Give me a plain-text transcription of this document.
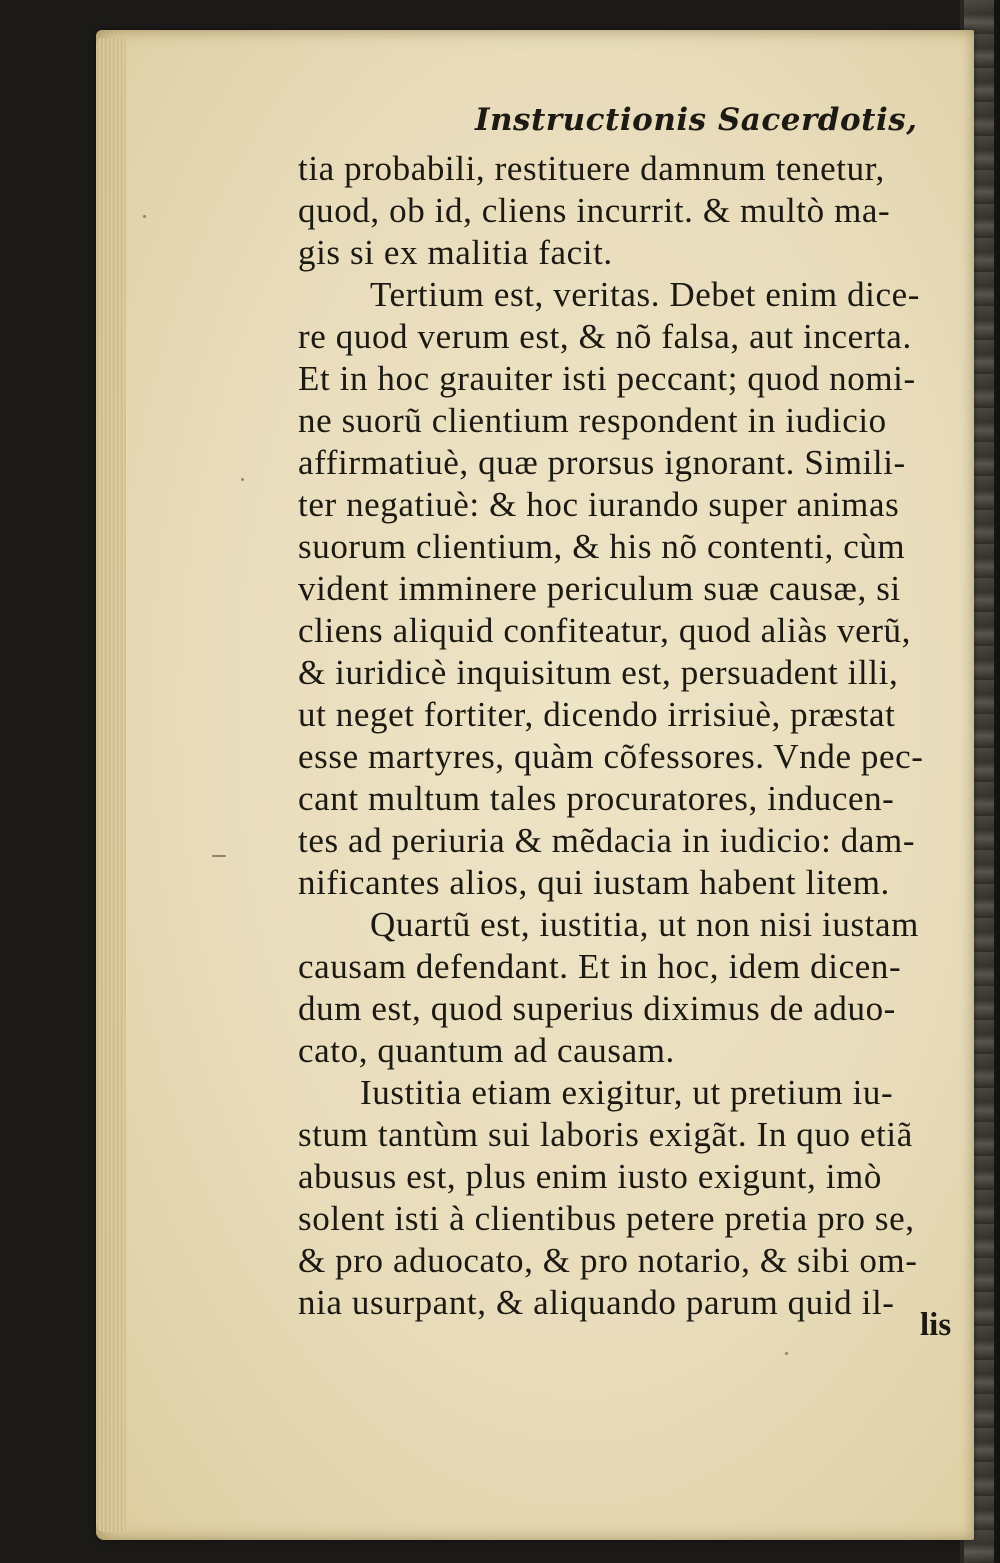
Instructionis Sacerdotis,
tia probabili, restituere damnum tenetur,
quod, ob id, cliens incurrit. & multò ma-
gis si ex malitia facit.
Tertium est, veritas. Debet enim dice-
re quod verum est, & nõ falsa, aut incerta.
Et in hoc grauiter isti peccant; quod nomi-
ne suorũ clientium respondent in iudicio
affirmatiuè, quæ prorsus ignorant. Simili-
ter negatiuè: & hoc iurando super animas
suorum clientium, & his nõ contenti, cùm
vident imminere periculum suæ causæ, si
cliens aliquid confiteatur, quod aliàs verũ,
& iuridicè inquisitum est, persuadent illi,
ut neget fortiter, dicendo irrisiuè, præstat
esse martyres, quàm cõfessores. Vnde pec-
cant multum tales procuratores, inducen-
tes ad periuria & mẽdacia in iudicio: dam-
nificantes alios, qui iustam habent litem.
Quartũ est, iustitia, ut non nisi iustam
causam defendant. Et in hoc, idem dicen-
dum est, quod superius diximus de aduo-
cato, quantum ad causam.
Iustitia etiam exigitur, ut pretium iu-
stum tantùm sui laboris exigãt. In quo etiã
abusus est, plus enim iusto exigunt, imò
solent isti à clientibus petere pretia pro se,
& pro aduocato, & pro notario, & sibi om-
nia usurpant, & aliquando parum quid il-
lis
